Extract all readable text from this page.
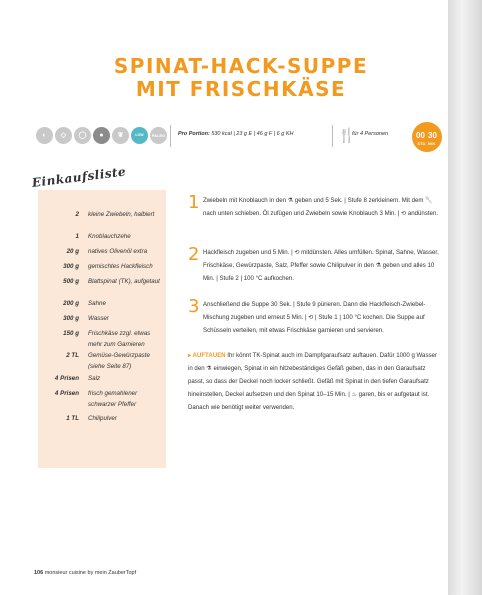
SPINAT-HACK-SUPPE
MIT FRISCHKÄSE
◐	◇	◯	●	❦	LOW CARB
PALEO	Pro Portion: 530 kcal | 23 g E | 46 g F | 6 g KH	🍴
für 4 Personen	00 30
STD. MIN.
Einkaufsliste
2 kleine Zwiebeln, halbiert
1 Knoblauchzehe
20 g natives Olivenöl extra
300 g gemischtes Hackfleisch
500 g Blattspinat (TK), aufgetaut
200 g Sahne
300 g Wasser
150 g Frischkäse zzgl. etwas mehr zum Garnieren
2 TL Gemüse-Gewürzpaste (siehe Seite 87)
4 Prisen Salz
4 Prisen frisch gemahlener schwarzer Pfeffer
1 TL Chilipulver
1 Zwiebeln mit Knoblauch in den ⚗ geben und 5 Sek. | Stufe 8 zerkleinern. Mit dem 🥄 nach unten schieben. Öl zufügen und Zwiebeln sowie Knoblauch 3 Min. | ⟲ andünsten.
2 Hackfleisch zugeben und 5 Min. | ⟲ mitdünsten. Alles umfüllen. Spinat, Sahne, Wasser, Frischkäse, Gewürzpaste, Salz, Pfeffer sowie Chilipulver in den ⚗ geben und alles 10 Min. | Stufe 2 | 100 °C aufkochen.
3 Anschließend die Suppe 30 Sek. | Stufe 9 pürieren. Dann die Hackfleisch-Zwiebel-Mischung zugeben und erneut 5 Min. | ⟲ | Stufe 1 | 100 °C kochen. Die Suppe auf Schüsseln verteilen, mit etwas Frischkäse garnieren und servieren.
▸ AUFTAUEN Ihr könnt TK-Spinat auch im Dampfgaraufsatz auftauen. Dafür 1000 g Wasser in den ⚗ einwiegen, Spinat in ein hitzebeständiges Gefäß geben, das in den Garaufsatz passt, so dass der Deckel noch locker schließt. Gefäß mit Spinat in den tiefen Garaufsatz hineinstellen, Deckel aufsetzen und den Spinat 10–15 Min. | ♨ garen, bis er aufgetaut ist. Danach wie benötigt weiter verwenden.
106 monsieur cuisine by mein ZauberTopf
